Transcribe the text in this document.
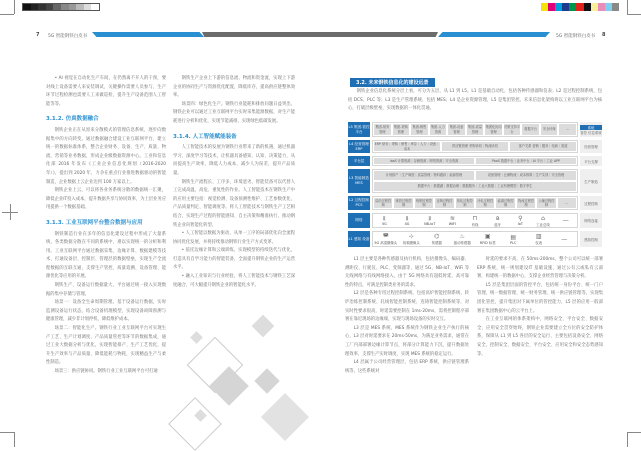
7 5G 智能钢铁白皮书	5G 智能钢铁白皮书 8

• AI 视觉在自动化生产车间，在仍然离不开人的干预，要对线上设备需要人来安装调试，关键操作需要人员参与，生产环节过程检测也需要人工来做巡检，提升生产设备范围人工智能等等。

3.1.2. 仿真数据融合

钢铁企业正在从原来分散模式的管理信息系统，逐步向数据集中的方向转变。通过数据融合建设工业互联网平台，建立统一的数据标准体系，整合企业财务、设备、生产、质量、物流、营销等业务数据，形成企业级数据资源中心。工业和信息化部 2016 年发布《工业企业信息化规划（2016-2020 年）》，提出到 2020 年，力争在重点行业推进数据驱动的智能制造，企业数据上云企业达到 100 万家以上。

钢铁企业上云，可以将各业务系统分散的数据统一汇聚，降低企业IT投入成本，提升数据共享与协同效率，为上层业务应用提供一个数据基础。

3.1.3. 工业互联网平台整合数据与应用

钢铁制造行业在多年的信息化建设过程中形成了大量系统，各类数据分散在不同的系统中，难以实现统一的分析和利用。工业互联网平台通过数据采集、边缘计算、数据建模等技术，打通设备层、控制层、管理层的数据壁垒，实现生产全流程数据的互联互通，支撑生产管控、质量追溯、设备管理、能源优化等应用的开展。

钢铁生产、设备运行数据量大，平台通过统一接入实现数据的集中存储与管理。

场景一：设备全生命周期管理。基于设备运行数据，实时监测设备运行状态，结合设备机理模型，实现设备故障预测与健康管理，减少非计划停机，降低维护成本。

场景二：智能化生产。钢铁行业工业互联网平台可实现生产工艺、生产计划调度、产品质量管控等环节的数据集成，通过工业大数据分析与优化，实现智能排产、生产工艺优化，提升生产效率与产品质量，降低能耗与物耗，实现精益生产与柔性制造。

场景三：供应链协同。钢铁行业工业互联网平台可打通

钢铁生产企业上下游的信息流、物流和资金流，实现上下游企业的协同生产与资源优化配置，降低库存，提高供应链整体效率。

场景四：绿色化生产。钢铁行业能耗和排放问题日益突出，钢铁企业可以通过工业互联网平台实时采集能源数据，对生产能耗进行分析和优化，实现节能减排，实现绿色低碳发展。

3.1.4. 人工智能赋能装备

人工智能技术的发展为钢铁行业带来了新的机遇，通过机器学习、深度学习等技术，让机器具备感知、认知、决策能力，从而提高生产效率，降低人力成本，减少人为误差，提升产品质量。

钢铁生产流程长、工序多、环境恶劣，智能装备可以代替人工完成高温、高危、重复性的作业。人工智能技术在钢铁生产中的应用主要包括：视觉检测、设备预测性维护、工艺参数优化、产品质量判定、智能调度等。将人工智能技术与钢铁生产工艺相结合，实现生产过程的智能感知、自主决策和精准执行，推动钢铁企业向智能化转型。

• 人工智能以数据为驱动，从单一工序的局部优化向全流程协同优化发展，并将持续推动钢铁行业生产方式变革。

• 依托边缘计算和云端训练，实现模型的持续迭代与优化，打造具有自学习能力的智能装备，全面提升钢铁企业的生产运营水平。

• 融入工业知识与行业经验，将人工智能技术与钢铁工艺深度融合，可大幅提升钢铁企业的智能化水平。

3.2. 未来钢铁信息化的建设远景

钢铁企业信息化系统分层上看，可分为五层，从 L1 到 L5。L1 是基础自动化，包括各种传感器和仪表；L2 是过程控制系统，包括 DCS、PLC 等；L3 是生产管理系统，包括 MES；L4 是企业资源管理，L5 是集团管控。未来信息化架构将以工业互联网平台为核心，打破层级壁垒，实现数据的一体化贯通。

L5 集团-管控平台
集团-财务管理
集团-采购管理
集团-销售管理
集团-人力资源
集团-设备管理
集团-质量管理
集团化协同管理
决策支持平台
数据平台	安全环保	…	系统
管控 信息系统
L4 经营管理 ERP
ERP 财务｜采购｜销售｜库存｜人力｜设备｜成本
供应链管理 采购协同｜物流协同	客户关系 营销｜服务｜电商｜渠道	经营管理
平台层	IaaS 计算资源｜存储资源｜网络资源｜安全资源	PaaS 数据中台｜业务中台｜AI 平台｜工业 APP	平台支撑
L3 智能制造 MES
计划排产｜生产调度｜质量管理｜物料跟踪｜能源管理	设备管理｜仓储物流｜成本核算｜生产实绩｜安全管理
数据中台｜数据湖｜数据治理｜数据服务｜工业大数据｜工业机理模型｜数字孪生
生产制造
L2 过程控制 PCS
烧结过程控制
炼铁过程控制
炼钢过程控制
连铸过程控制
热轧过程控制
冷轧过程控制
能源过程控制
物流过程控制
公辅过程控制
…	过程控制
网络	⫫
5G
⫫
4G
⫫
NB-IoT
≋
WIFI
⊓
有线
ʙ
蓝牙
⚲
IoT
⌂
工业总线
—	网络连接
L1 感知 设备 ◚
5G 高清摄像头
⊹
视频摄像头
⌬
传感器
♨
振动传感器
▣
RFID 标签
▤
PLC
▥
仪表
—	感知控制

L1 层主要是各种传感器及执行机构，包括摄像头、编码器、测距仪、行驶仪、PLC、变频器等，通过 5G、NB-IoT、WiFi 等无线网络与有线网络接入，由于 5G 网络具有超低时延、高可靠性的特点，可满足控制类业务的需求。

L2 层是各种专用过程控制系统，包括高炉智能控制系统、转炉冶炼控制系统、轧线智能控制系统、连铸智能控制系统等，对实时性要求很高，时延需要控制在 1ms-20ms，需将控制程序部署在靠近现场的边缘端，实现与现场设备的实时交互。

L3 层是 MES 系统，MES 系统作为钢铁企业生产执行的核心，L3 层对时延要求在 20ms-50ms，为满足业务需求，通常在工厂内部部署边缘计算节点，将部分计算能力下沉，提升数据处理效率，支撑生产实时调度，实现 MES 系统的稳定运行。

L4 层属于公司经营管理层，包括 ERP 系统，供应链管理系统等，这些系统对

时延的要求不高，在 50ms-200ms，整个公司可以统一部署 ERP 系统，统一规划建设IT 基础设施，通过公有云或私有云部署，构建统一的数据中心，支撑企业经营管理与决策分析。

L5 层是集团层面的管控平台，包括统一身份平台、统一门户管理、统一数据管理、统一财务管理、统一供应链管理等，实现集团化管控，提升集团对下属单位的管控能力，L5 层的应用一般部署在集团数据中心的云平台上。

在工业互联网的体系架构中，网络安全、平台安全、数据安全、应用安全贯穿始终，钢铁企业需要建立全方位的安全防护体系，保障从 L1 到 L5 各层的安全运行，主要包括设备安全、网络安全、控制安全、数据安全、平台安全、应用安全和安全态势感知等。
